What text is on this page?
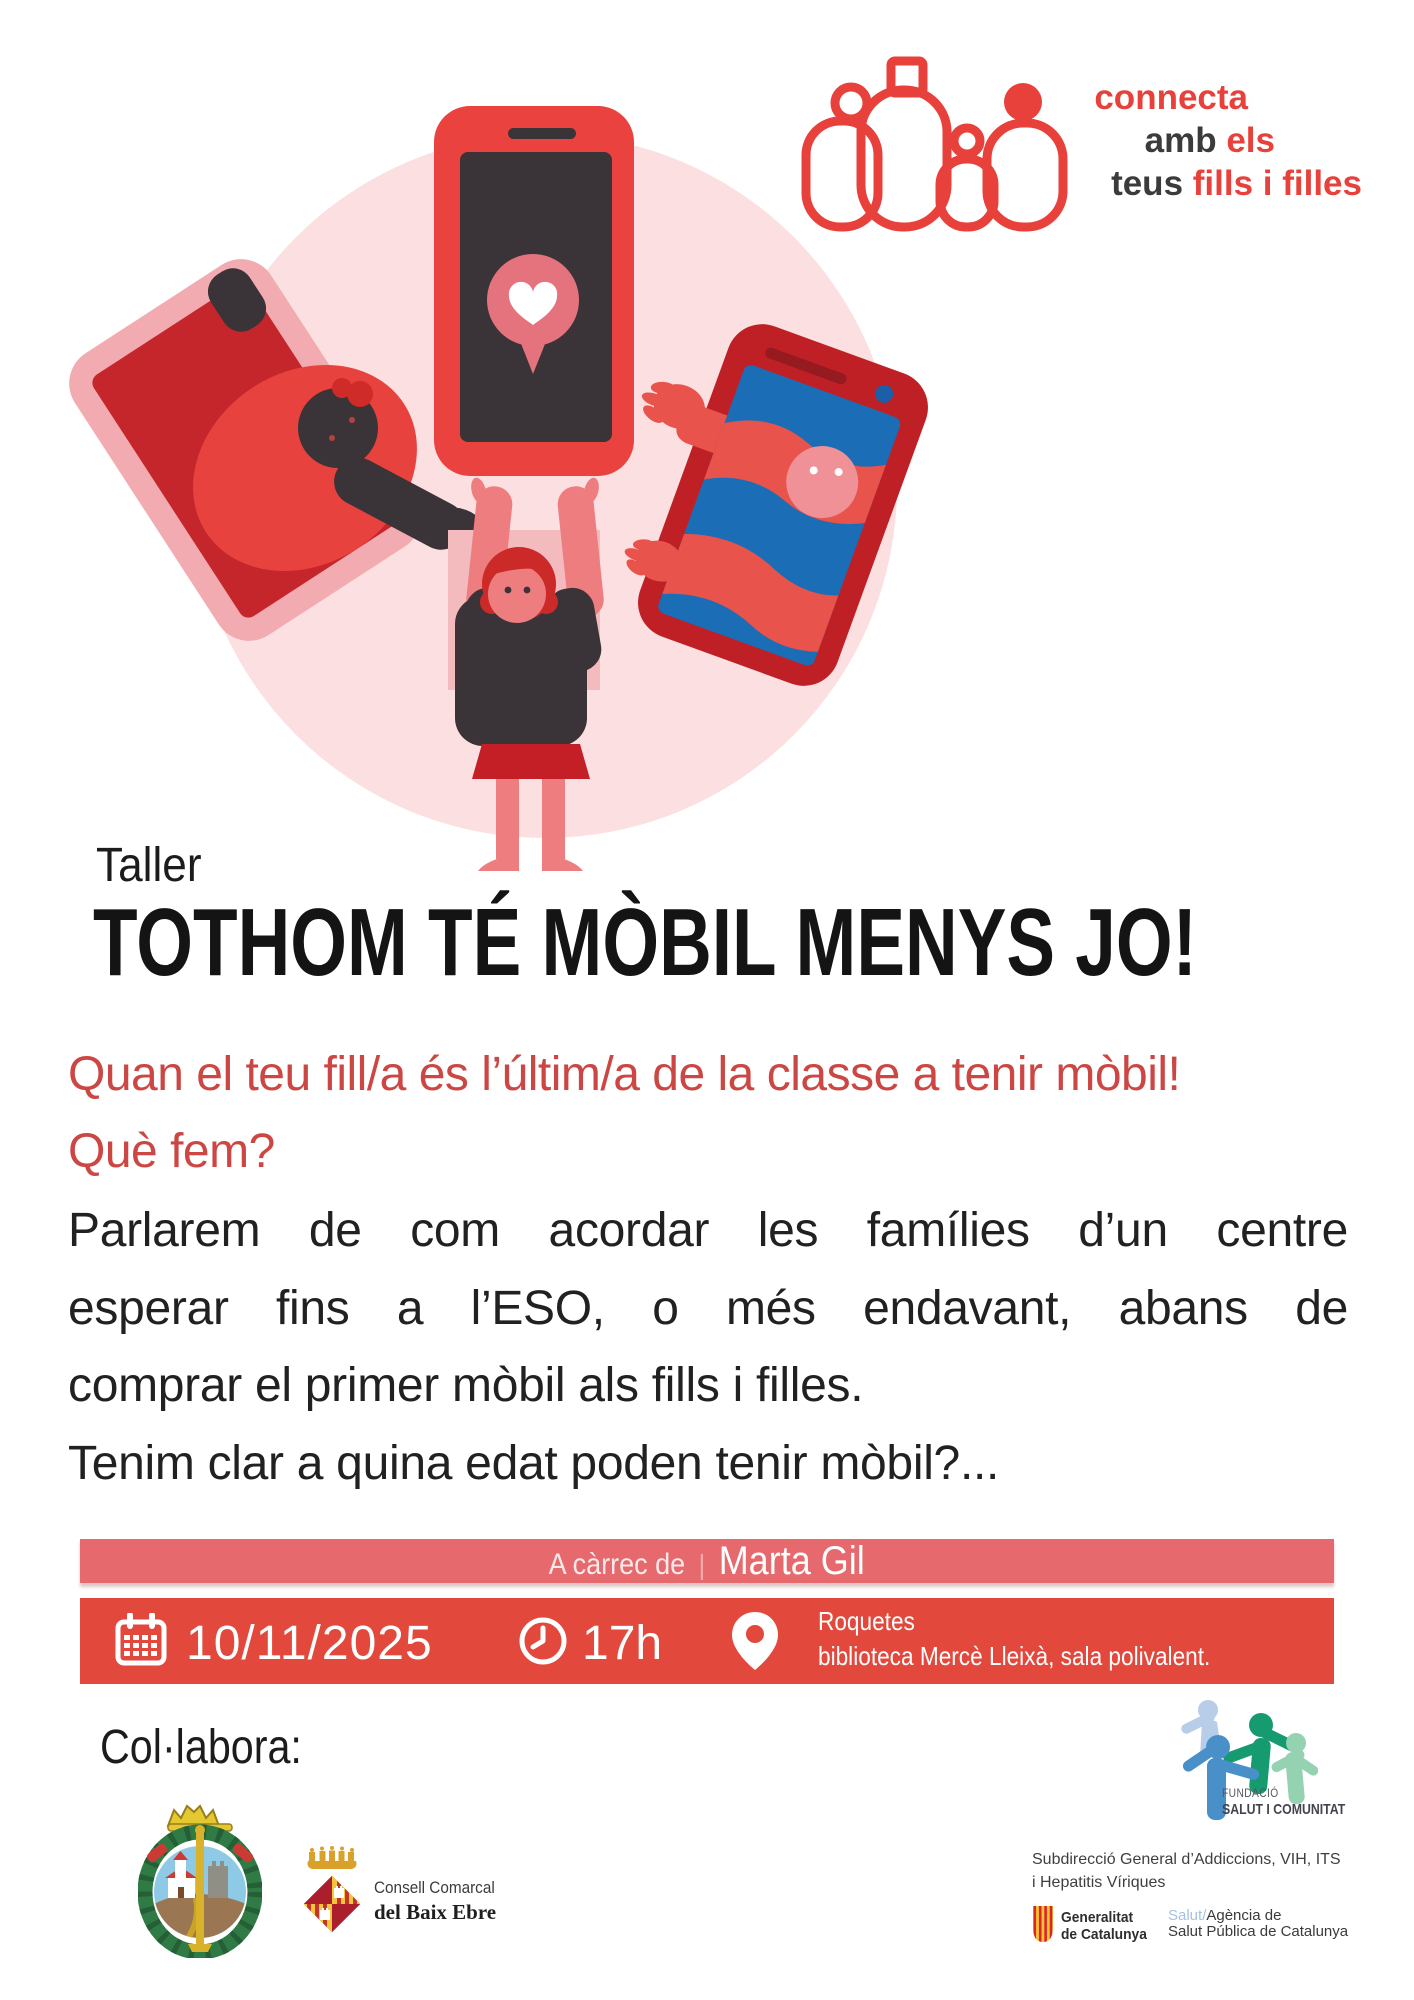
connecta
amb els
teus fills i filles
Taller
TOTHOM TÉ MÒBIL MENYS JO!
Quan el teu fill/a és l’últim/a de la classe a tenir mòbil!
Què fem?
Parlarem de com acordar les famílies d’un centre
esperar fins a l’ESO, o més endavant, abans de
comprar el primer mòbil als fills i filles.
Tenim clar a quina edat poden tenir mòbil?...
A càrrec de | Marta Gil
10/11/2025	17h	Roquetes
biblioteca Mercè Lleixà, sala polivalent.
Col·labora:
Consell Comarcal
del Baix Ebre
FUNDACIÓ
SALUT I COMUNITAT
Subdirecció General d’Addiccions, VIH, ITS
i Hepatitis Víriques
Generalitat
de Catalunya
Salut/Agència de
Salut Pública de Catalunya
